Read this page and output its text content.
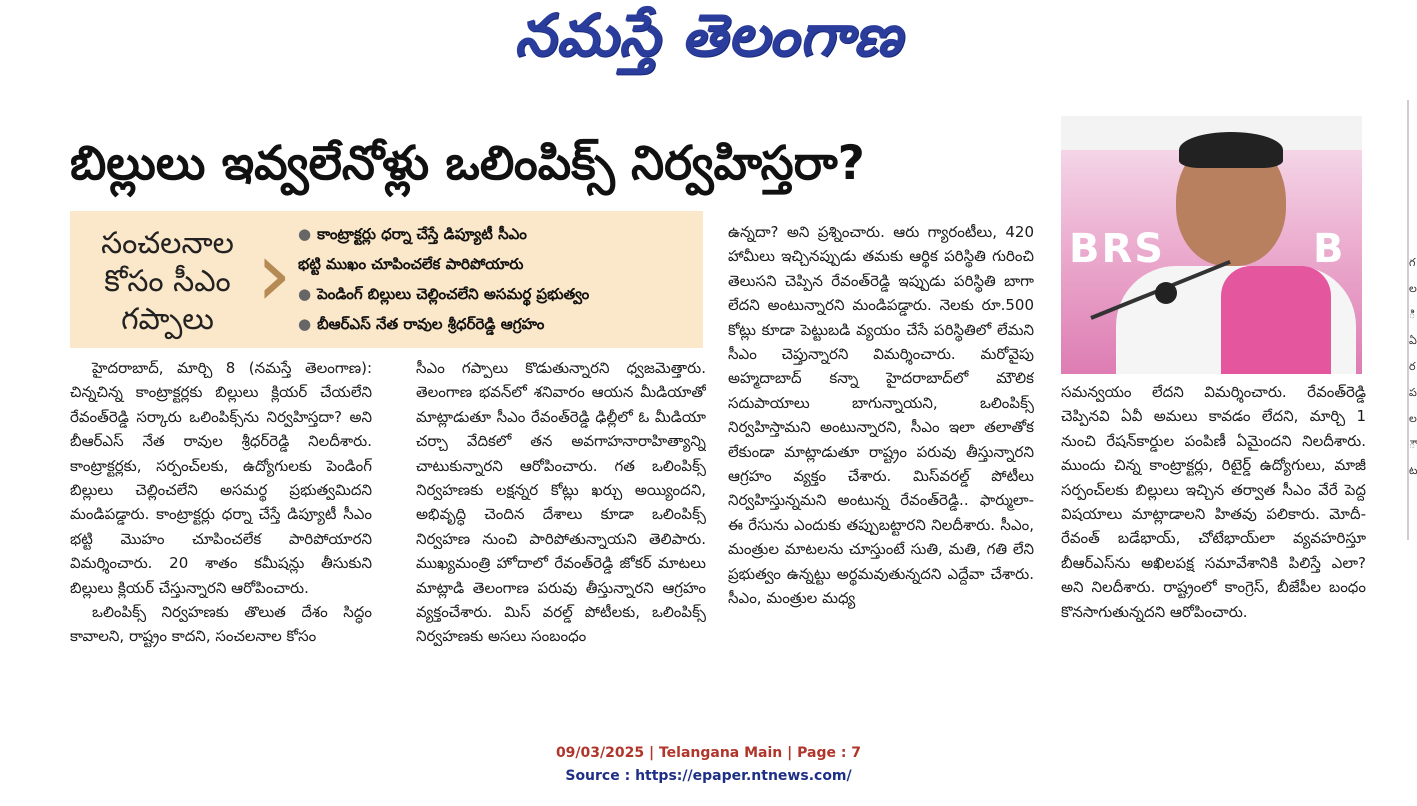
నమస్తే తెలంగాణ
బిల్లులు ఇవ్వలేనోళ్లు ఒలింపిక్స్ నిర్వహిస్తరా?
BRS	B
సంచలనాల
కోసం సీఎం
గప్పాలు › ● కాంట్రాక్టర్లు ధర్నా చేస్తే డిప్యూటీ సీఎం
భట్టి ముఖం చూపించలేక పారిపోయారు
● పెండింగ్ బిల్లులు చెల్లించలేని అసమర్థ ప్రభుత్వం
● బీఆర్ఎస్ నేత రావుల శ్రీధర్‌రెడ్డి ఆగ్రహం

హైదరాబాద్, మార్చి 8 (నమస్తే తెలంగాణ): చిన్నచిన్న కాంట్రాక్టర్లకు బిల్లులు క్లియర్ చేయలేని రేవంత్‌రెడ్డి సర్కారు ఒలింపిక్స్‌ను నిర్వహిస్తదా? అని బీఆర్ఎస్ నేత రావుల శ్రీధర్‌రెడ్డి నిలదీశారు. కాంట్రాక్టర్లకు, సర్పంచ్‌లకు, ఉద్యోగులకు పెండింగ్ బిల్లులు చెల్లించలేని అసమర్థ ప్రభుత్వమిదని మండిపడ్డారు. కాంట్రాక్టర్లు ధర్నా చేస్తే డిప్యూటీ సీఎం భట్టి మొహం చూపించలేక పారిపోయారని విమర్శించారు. 20 శాతం కమీషన్లు తీసుకుని బిల్లులు క్లియర్ చేస్తున్నారని ఆరోపించారు.

ఒలింపిక్స్ నిర్వహణకు తొలుత దేశం సిద్ధం కావాలని, రాష్ట్రం కాదని, సంచలనాల కోసం

సీఎం గప్పాలు కొడుతున్నారని ధ్వజమెత్తారు. తెలంగాణ భవన్‌లో శనివారం ఆయన మీడియాతో మాట్లాడుతూ సీఎం రేవంత్‌రెడ్డి ఢిల్లీలో ఓ మీడియా చర్చా వేదికలో తన అవగాహనారాహిత్యాన్ని చాటుకున్నారని ఆరోపించారు. గత ఒలింపిక్స్ నిర్వహణకు లక్షన్నర కోట్లు ఖర్చు అయ్యిందని, అభివృద్ధి చెందిన దేశాలు కూడా ఒలింపిక్స్ నిర్వహణ నుంచి పారిపోతున్నాయని తెలిపారు. ముఖ్యమంత్రి హోదాలో రేవంత్‌రెడ్డి జోకర్ మాటలు మాట్లాడి తెలంగాణ పరువు తీస్తున్నారని ఆగ్రహం వ్యక్తంచేశారు. మిస్ వరల్డ్ పోటీలకు, ఒలింపిక్స్ నిర్వహణకు అసలు సంబంధం

ఉన్నదా? అని ప్రశ్నించారు. ఆరు గ్యారంటీలు, 420 హామీలు ఇచ్చినప్పుడు తమకు ఆర్థిక పరిస్థితి గురించి తెలుసని చెప్పిన రేవంత్‌రెడ్డి ఇప్పుడు పరిస్థితి బాగా లేదని అంటున్నారని మండిపడ్డారు. నెలకు రూ.500 కోట్లు కూడా పెట్టుబడి వ్యయం చేసే పరిస్థితిలో లేమని సీఎం చెప్తున్నారని విమర్శించారు. మరోవైపు అహ్మదాబాద్ కన్నా హైదరాబాద్‌లో మౌలిక సదుపాయాలు బాగున్నాయని, ఒలింపిక్స్ నిర్వహిస్తామని అంటున్నారని, సీఎం ఇలా తలాతోక లేకుండా మాట్లాడుతూ రాష్ట్రం పరువు తీస్తున్నారని ఆగ్రహం వ్యక్తం చేశారు. మిస్‌వరల్డ్ పోటీలు నిర్వహిస్తున్నమని అంటున్న రేవంత్‌రెడ్డి.. ఫార్ములా- ఈ రేసును ఎందుకు తప్పుబట్టారని నిలదీశారు. సీఎం, మంత్రుల మాటలను చూస్తుంటే సుతి, మతి, గతి లేని ప్రభుత్వం ఉన్నట్టు అర్థమవుతున్నదని ఎద్దేవా చేశారు. సీఎం, మంత్రుల మధ్య

సమన్వయం లేదని విమర్శించారు. రేవంత్‌రెడ్డి చెప్పినవి ఏవీ అమలు కావడం లేదని, మార్చి 1 నుంచి రేషన్‌కార్డుల పంపిణీ ఏమైందని నిలదీశారు. ముందు చిన్న కాంట్రాక్టర్లు, రిటైర్డ్ ఉద్యోగులు, మాజీ సర్పంచ్‌లకు బిల్లులు ఇచ్చిన తర్వాత సీఎం వేరే పెద్ద విషయాలు మాట్లాడాలని హితవు పలికారు. మోదీ- రేవంత్ బడేభాయ్, చోటేభాయ్‌లా వ్యవహరిస్తూ బీఆర్ఎస్‌ను అఖిలపక్ష సమావేశానికి పిలిస్తే ఎలా? అని నిలదీశారు. రాష్ట్రంలో కాంగ్రెస్, బీజేపీల బంధం కొనసాగుతున్నదని ఆరోపించారు.

గ
ల
ి
ఏ
ర
ప
ల
ౌ
ట
09/03/2025 | Telangana Main | Page : 7
Source : https://epaper.ntnews.com/
